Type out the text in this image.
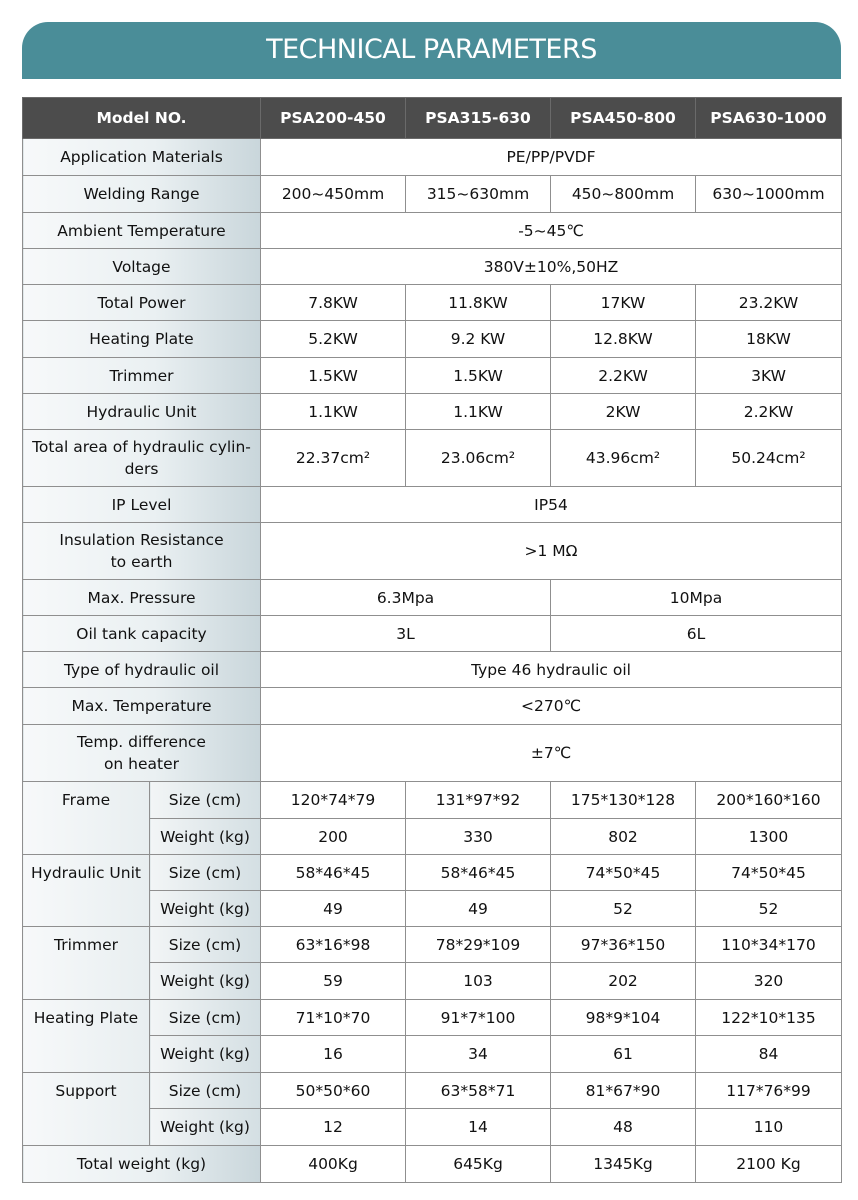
TECHNICAL PARAMETERS
Model NO.		PSA200-450	PSA315-630	PSA450-800	PSA630-1000
Application Materials		PE/PP/PVDF			
Welding Range		200~450mm	315~630mm	450~800mm	630~1000mm
Ambient Temperature		-5~45℃			
Voltage		380V±10%,50HZ			
Total Power		7.8KW	11.8KW	17KW	23.2KW
Heating Plate		5.2KW	9.2 KW	12.8KW	18KW
Trimmer		1.5KW	1.5KW	2.2KW	3KW
Hydraulic Unit		1.1KW	1.1KW	2KW	2.2KW
Total area of hydraulic cylin-
ders		22.37cm²	23.06cm²	43.96cm²	50.24cm²
IP Level		IP54			
Insulation Resistance
to earth		>1 MΩ			
Max. Pressure		6.3Mpa		10Mpa	
Oil tank capacity		3L		6L	
Type of hydraulic oil		Type 46 hydraulic oil			
Max. Temperature		<270℃			
Temp. difference
on heater		±7℃			
Frame	Size (cm)	120*74*79	131*97*92	175*130*128	200*160*160
	Weight (kg)	200	330	802	1300
Hydraulic Unit	Size (cm)	58*46*45	58*46*45	74*50*45	74*50*45
	Weight (kg)	49	49	52	52
Trimmer	Size (cm)	63*16*98	78*29*109	97*36*150	110*34*170
	Weight (kg)	59	103	202	320
Heating Plate	Size (cm)	71*10*70	91*7*100	98*9*104	122*10*135
	Weight (kg)	16	34	61	84
Support	Size (cm)	50*50*60	63*58*71	81*67*90	117*76*99
	Weight (kg)	12	14	48	110
Total weight (kg)		400Kg	645Kg	1345Kg	2100 Kg
